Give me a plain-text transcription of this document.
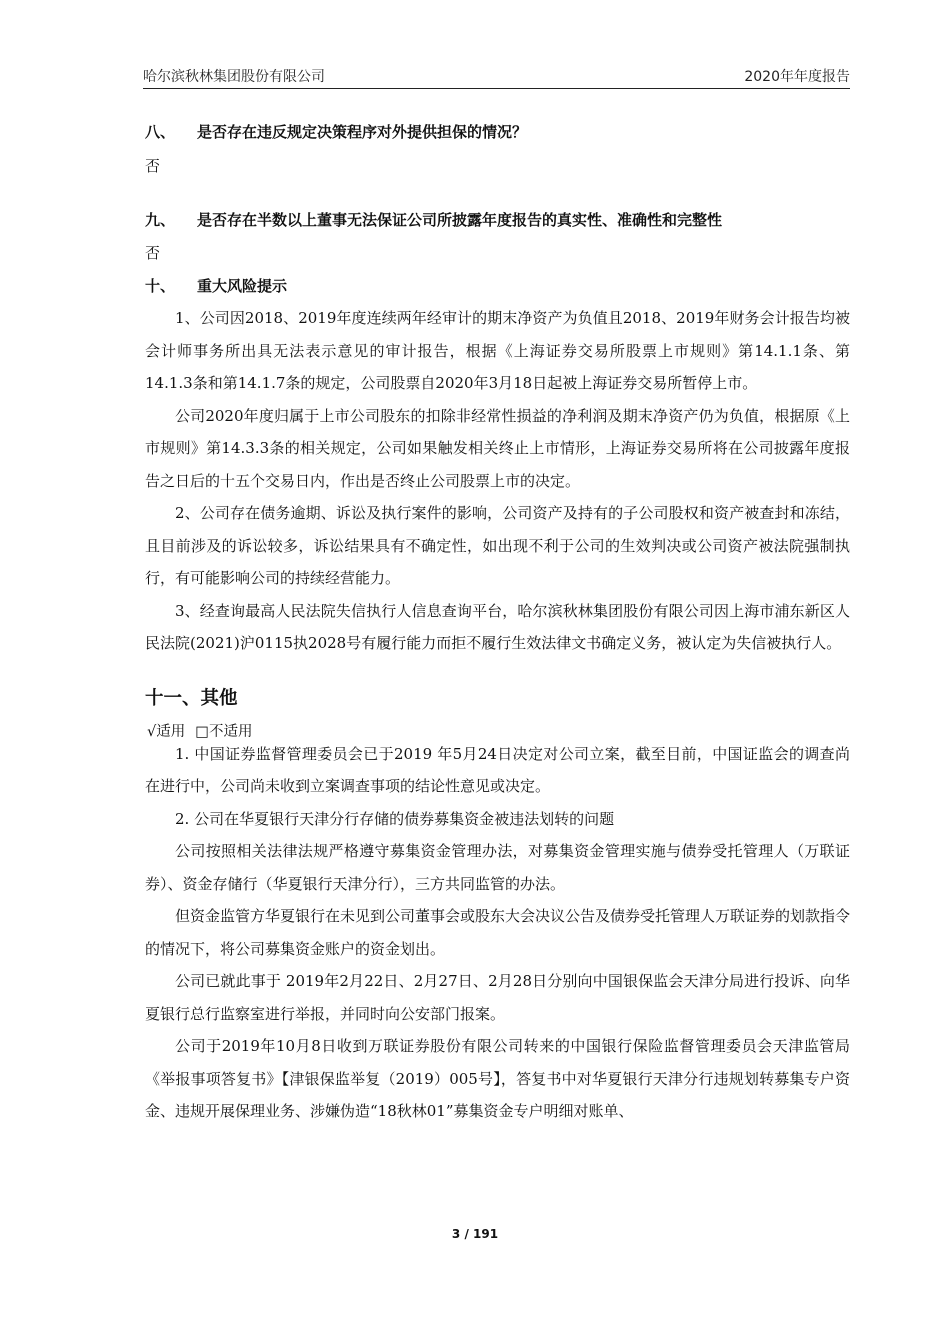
哈尔滨秋林集团股份有限公司	2020年年度报告
八、 是否存在违反规定决策程序对外提供担保的情况？
否
九、 是否存在半数以上董事无法保证公司所披露年度报告的真实性、准确性和完整性
否
十、 重大风险提示

1、公司因2018、2019年度连续两年经审计的期末净资产为负值且2018、2019年财务会计报告均被会计师事务所出具无法表示意见的审计报告，根据《上海证券交易所股票上市规则》第14.1.1条、第14.1.3条和第14.1.7条的规定，公司股票自2020年3月18日起被上海证券交易所暂停上市。

公司2020年度归属于上市公司股东的扣除非经常性损益的净利润及期末净资产仍为负值，根据原《上市规则》第14.3.3条的相关规定，公司如果触发相关终止上市情形，上海证券交易所将在公司披露年度报告之日后的十五个交易日内，作出是否终止公司股票上市的决定。

2、公司存在债务逾期、诉讼及执行案件的影响，公司资产及持有的子公司股权和资产被查封和冻结，且目前涉及的诉讼较多，诉讼结果具有不确定性，如出现不利于公司的生效判决或公司资产被法院强制执行，有可能影响公司的持续经营能力。

3、经查询最高人民法院失信执行人信息查询平台，哈尔滨秋林集团股份有限公司因上海市浦东新区人民法院(2021)沪0115执2028号有履行能力而拒不履行生效法律文书确定义务，被认定为失信被执行人。

十一、其他
√适用 □不适用

1. 中国证券监督管理委员会已于2019 年5月24日决定对公司立案，截至目前，中国证监会的调查尚在进行中，公司尚未收到立案调查事项的结论性意见或决定。

2. 公司在华夏银行天津分行存储的债券募集资金被违法划转的问题

公司按照相关法律法规严格遵守募集资金管理办法，对募集资金管理实施与债券受托管理人（万联证券）、资金存储行（华夏银行天津分行），三方共同监管的办法。

但资金监管方华夏银行在未见到公司董事会或股东大会决议公告及债券受托管理人万联证券的划款指令的情况下，将公司募集资金账户的资金划出。

公司已就此事于 2019年2月22日、2月27日、2月28日分别向中国银保监会天津分局进行投诉、向华夏银行总行监察室进行举报，并同时向公安部门报案。

公司于2019年10月8日收到万联证券股份有限公司转来的中国银行保险监督管理委员会天津监管局《举报事项答复书》【津银保监举复（2019）005号】，答复书中对华夏银行天津分行违规划转募集专户资金、违规开展保理业务、涉嫌伪造“18秋林01”募集资金专户明细对账单、

3 / 191
